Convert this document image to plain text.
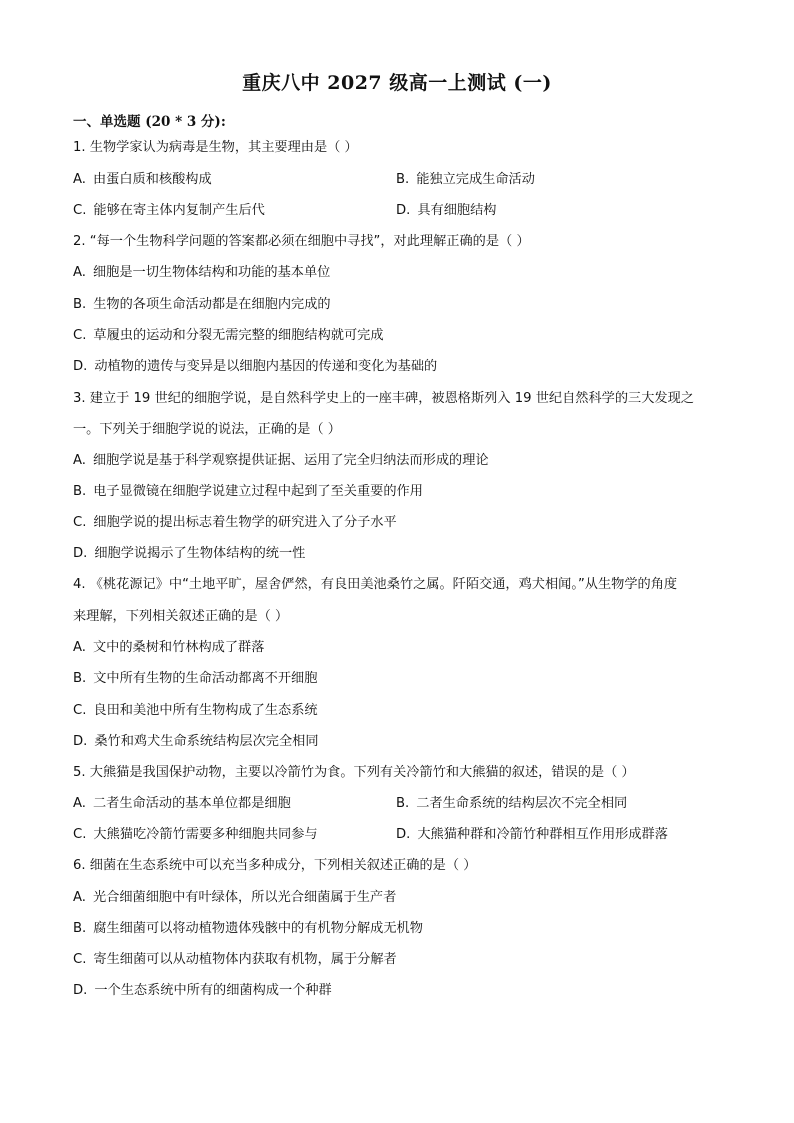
重庆八中 2027 级高一上测试 (一)
一、单选题 (20 * 3 分):
1. 生物学家认为病毒是生物，其主要理由是（ ）
A. 由蛋白质和核酸构成	B. 能独立完成生命活动
C. 能够在寄主体内复制产生后代	D. 具有细胞结构
2. “每一个生物科学问题的答案都必须在细胞中寻找”，对此理解正确的是（ ）
A. 细胞是一切生物体结构和功能的基本单位
B. 生物的各项生命活动都是在细胞内完成的
C. 草履虫的运动和分裂无需完整的细胞结构就可完成
D. 动植物的遗传与变异是以细胞内基因的传递和变化为基础的
3. 建立于 19 世纪的细胞学说，是自然科学史上的一座丰碑，被恩格斯列入 19 世纪自然科学的三大发现之
一。下列关于细胞学说的说法，正确的是（ ）
A. 细胞学说是基于科学观察提供证据、运用了完全归纳法而形成的理论
B. 电子显微镜在细胞学说建立过程中起到了至关重要的作用
C. 细胞学说的提出标志着生物学的研究进入了分子水平
D. 细胞学说揭示了生物体结构的统一性
4. 《桃花源记》中“土地平旷，屋舍俨然，有良田美池桑竹之属。阡陌交通，鸡犬相闻。”从生物学的角度
来理解，下列相关叙述正确的是（ ）
A. 文中的桑树和竹林构成了群落
B. 文中所有生物的生命活动都离不开细胞
C. 良田和美池中所有生物构成了生态系统
D. 桑竹和鸡犬生命系统结构层次完全相同
5. 大熊猫是我国保护动物，主要以冷箭竹为食。下列有关冷箭竹和大熊猫的叙述，错误的是（ ）
A. 二者生命活动的基本单位都是细胞	B. 二者生命系统的结构层次不完全相同
C. 大熊猫吃冷箭竹需要多种细胞共同参与	D. 大熊猫种群和冷箭竹种群相互作用形成群落
6. 细菌在生态系统中可以充当多种成分，下列相关叙述正确的是（ ）
A. 光合细菌细胞中有叶绿体，所以光合细菌属于生产者
B. 腐生细菌可以将动植物遗体残骸中的有机物分解成无机物
C. 寄生细菌可以从动植物体内获取有机物，属于分解者
D. 一个生态系统中所有的细菌构成一个种群
